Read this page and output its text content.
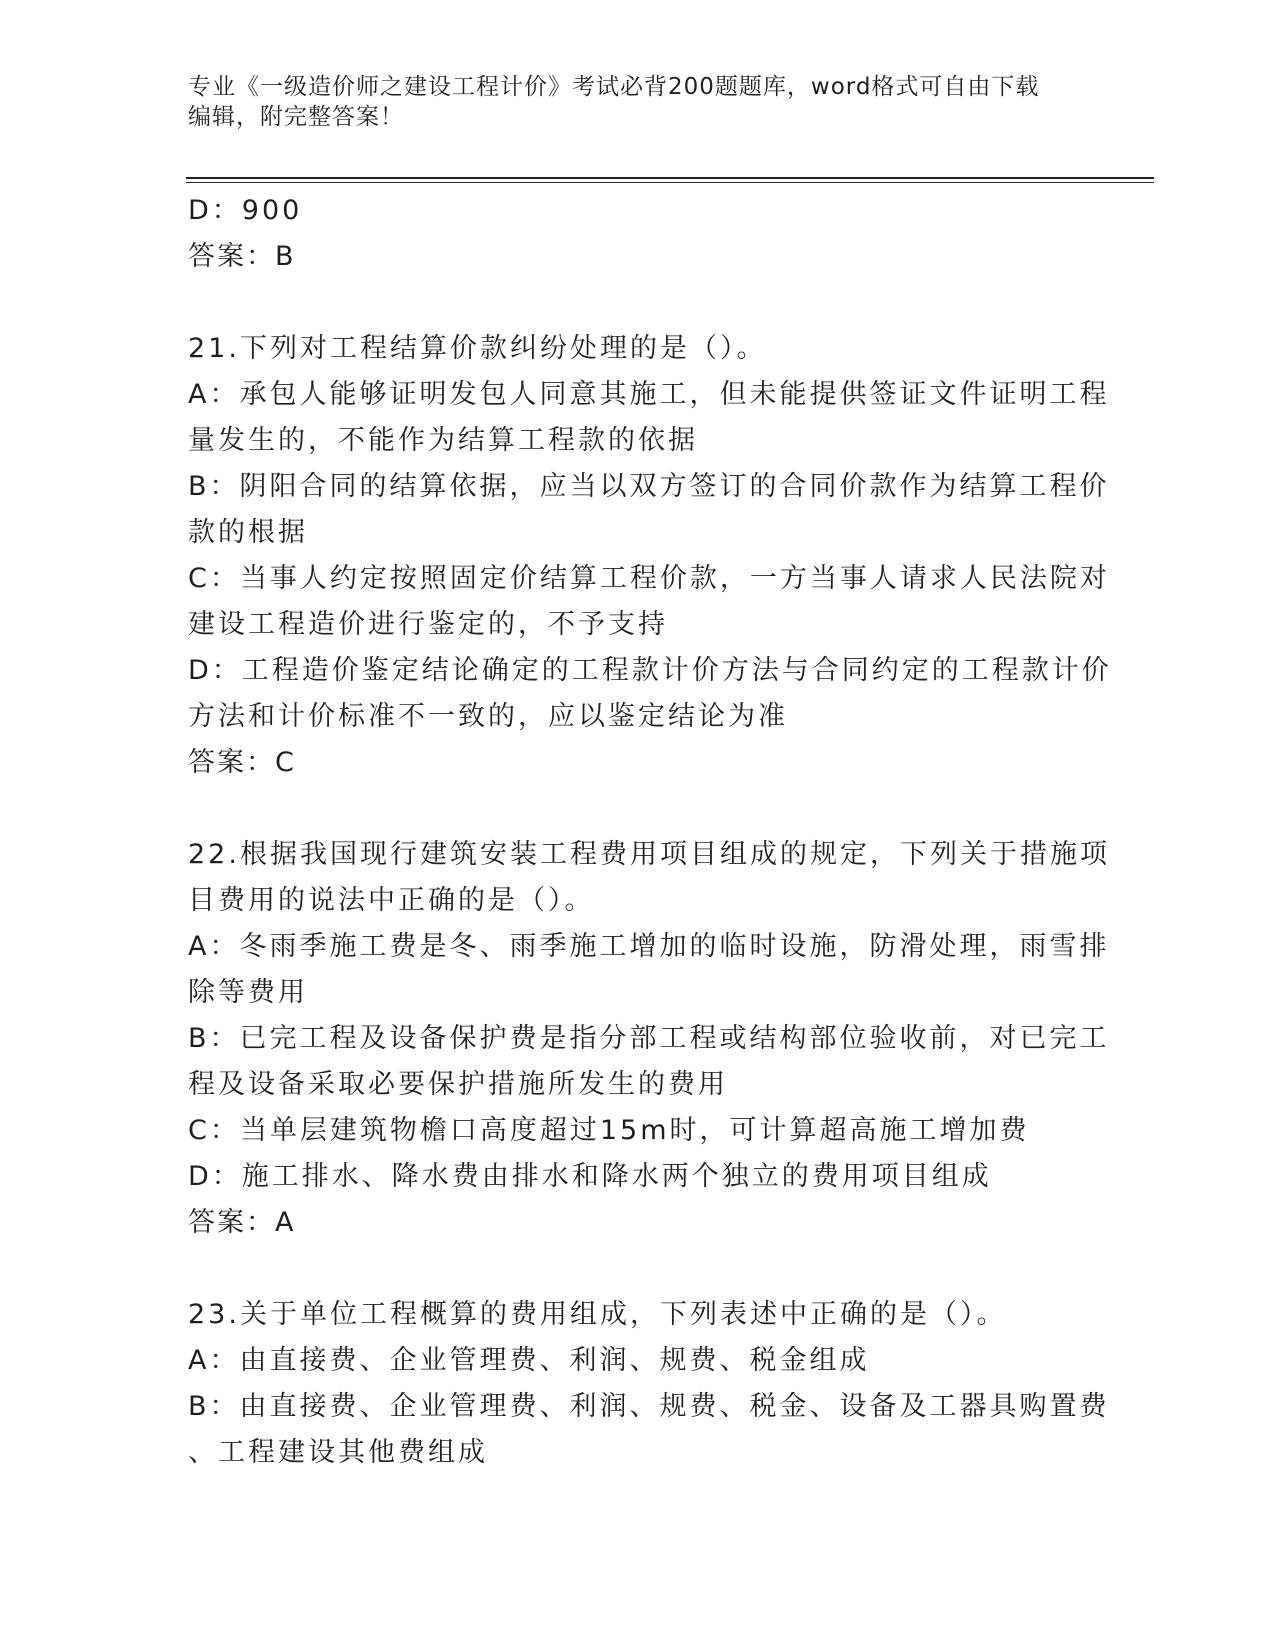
专业《一级造价师之建设工程计价》考试必背200题题库，word格式可自由下载
编辑，附完整答案！
D：900
答案：B
21.下列对工程结算价款纠纷处理的是（）。
A：承包人能够证明发包人同意其施工，但未能提供签证文件证明工程
量发生的，不能作为结算工程款的依据
B：阴阳合同的结算依据，应当以双方签订的合同价款作为结算工程价
款的根据
C：当事人约定按照固定价结算工程价款，一方当事人请求人民法院对
建设工程造价进行鉴定的，不予支持
D：工程造价鉴定结论确定的工程款计价方法与合同约定的工程款计价
方法和计价标准不一致的，应以鉴定结论为准
答案：C
22.根据我国现行建筑安装工程费用项目组成的规定，下列关于措施项
目费用的说法中正确的是（）。
A：冬雨季施工费是冬、雨季施工增加的临时设施，防滑处理，雨雪排
除等费用
B：已完工程及设备保护费是指分部工程或结构部位验收前，对已完工
程及设备采取必要保护措施所发生的费用
C：当单层建筑物檐口高度超过15m时，可计算超高施工增加费
D：施工排水、降水费由排水和降水两个独立的费用项目组成
答案：A
23.关于单位工程概算的费用组成，下列表述中正确的是（）。
A：由直接费、企业管理费、利润、规费、税金组成
B：由直接费、企业管理费、利润、规费、税金、设备及工器具购置费
、工程建设其他费组成
